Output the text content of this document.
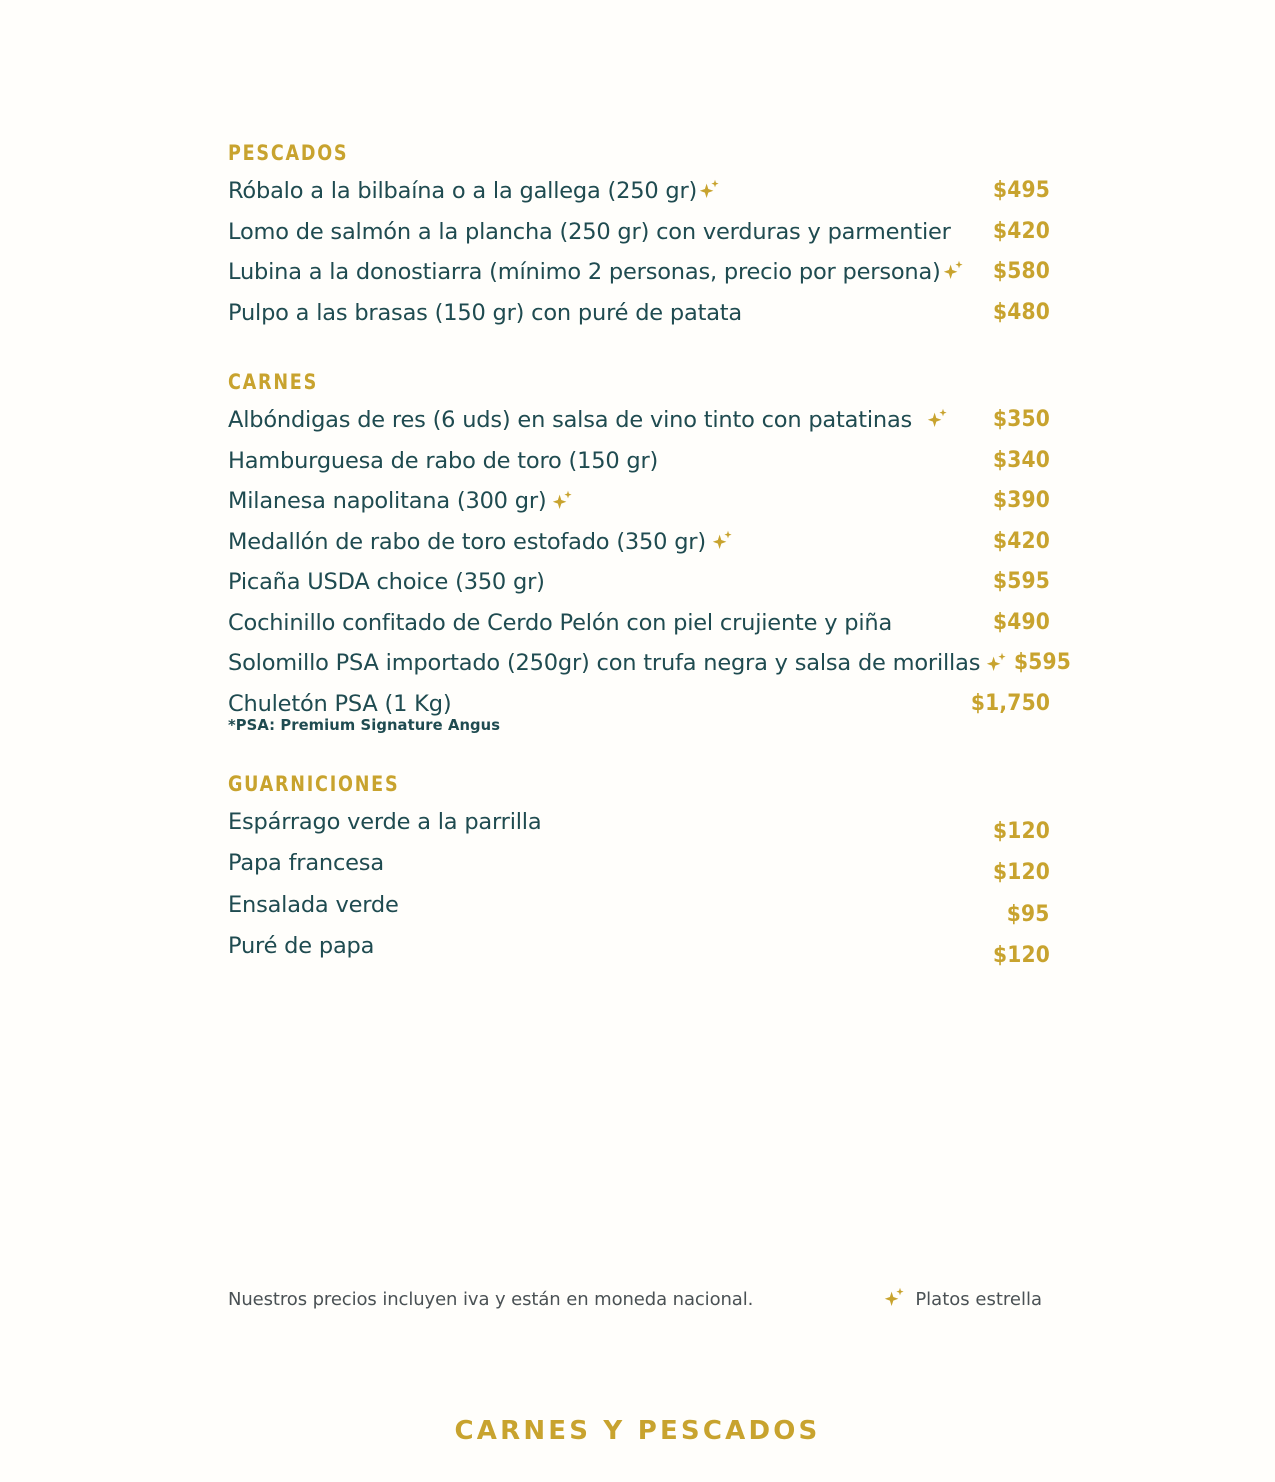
PESCADOS
Róbalo a la bilbaína o a la gallega (250 gr)	$495
Lomo de salmón a la plancha (250 gr) con verduras y parmentier $420
Lubina a la donostiarra (mínimo 2 personas, precio por persona) $580
Pulpo a las brasas (150 gr) con puré de patata	$480
CARNES
Albóndigas de res (6 uds) en salsa de vino tinto con patatinas	$350
Hamburguesa de rabo de toro (150 gr)	$340
Milanesa napolitana (300 gr)	$390
Medallón de rabo de toro estofado (350 gr)	$420
Picaña USDA choice (350 gr)	$595
Cochinillo confitado de Cerdo Pelón con piel crujiente y piña	$490
Solomillo PSA importado (250gr) con trufa negra y salsa de morillas $595
Chuletón PSA (1 Kg)	$1,750
*PSA: Premium Signature Angus
GUARNICIONES
Espárrago verde a la parrilla	$120
Papa francesa	$120
Ensalada verde	$95
Puré de papa	$120
Nuestros precios incluyen iva y están en moneda nacional.	Platos estrella
CARNES Y PESCADOS
